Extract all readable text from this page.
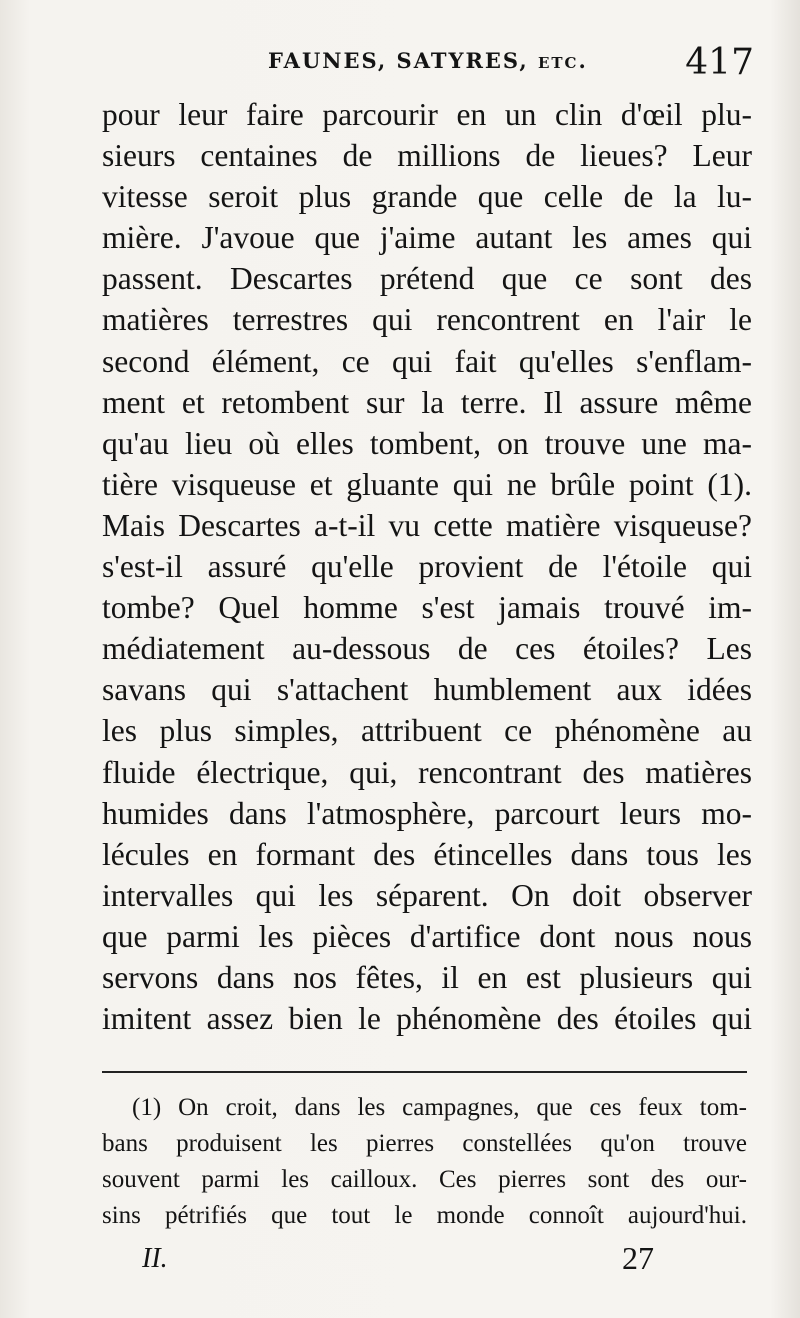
FAUNES, SATYRES, etc.	417
pour leur faire parcourir en un clin d'œil plu-
sieurs centaines de millions de lieues? Leur
vitesse seroit plus grande que celle de la lu-
mière. J'avoue que j'aime autant les ames qui
passent. Descartes prétend que ce sont des
matières terrestres qui rencontrent en l'air le
second élément, ce qui fait qu'elles s'enflam-
ment et retombent sur la terre. Il assure même
qu'au lieu où elles tombent, on trouve une ma-
tière visqueuse et gluante qui ne brûle point (1).
Mais Descartes a-t-il vu cette matière visqueuse?
s'est-il assuré qu'elle provient de l'étoile qui
tombe? Quel homme s'est jamais trouvé im-
médiatement au-dessous de ces étoiles? Les
savans qui s'attachent humblement aux idées
les plus simples, attribuent ce phénomène au
fluide électrique, qui, rencontrant des matières
humides dans l'atmosphère, parcourt leurs mo-
lécules en formant des étincelles dans tous les
intervalles qui les séparent. On doit observer
que parmi les pièces d'artifice dont nous nous
servons dans nos fêtes, il en est plusieurs qui
imitent assez bien le phénomène des étoiles qui
(1) On croit, dans les campagnes, que ces feux tom-
bans produisent les pierres constellées qu'on trouve
souvent parmi les cailloux. Ces pierres sont des our-
sins pétrifiés que tout le monde connoît aujourd'hui.
II.	27
